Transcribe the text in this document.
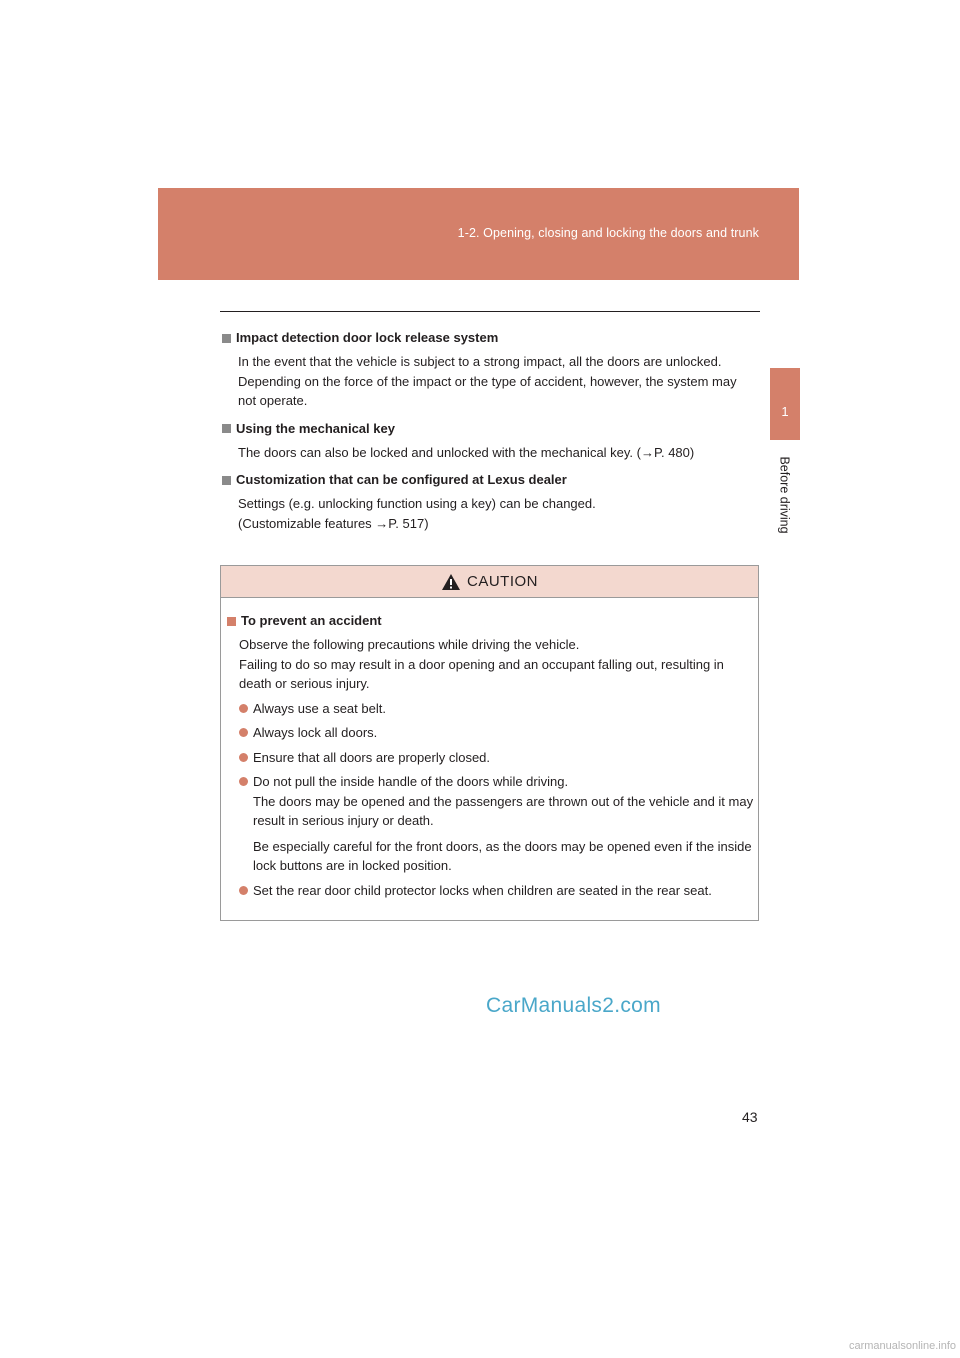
1-2. Opening, closing and locking the doors and trunk
1
Before driving
Impact detection door lock release system
In the event that the vehicle is subject to a strong impact, all the doors are unlocked. Depending on the force of the impact or the type of accident, however, the system may not operate.
Using the mechanical key
The doors can also be locked and unlocked with the mechanical key. (→P. 480)
Customization that can be configured at Lexus dealer
Settings (e.g. unlocking function using a key) can be changed.
(Customizable features →P. 517)
CAUTION
To prevent an accident
Observe the following precautions while driving the vehicle.
Failing to do so may result in a door opening and an occupant falling out, resulting in death or serious injury.

Always use a seat belt.

Always lock all doors.

Ensure that all doors are properly closed.

Do not pull the inside handle of the doors while driving.

The doors may be opened and the passengers are thrown out of the vehicle and it may result in serious injury or death.

Be especially careful for the front doors, as the doors may be opened even if the inside lock buttons are in locked position.

Set the rear door child protector locks when children are seated in the rear seat.

CarManuals2.com
43
carmanualsonline.info
